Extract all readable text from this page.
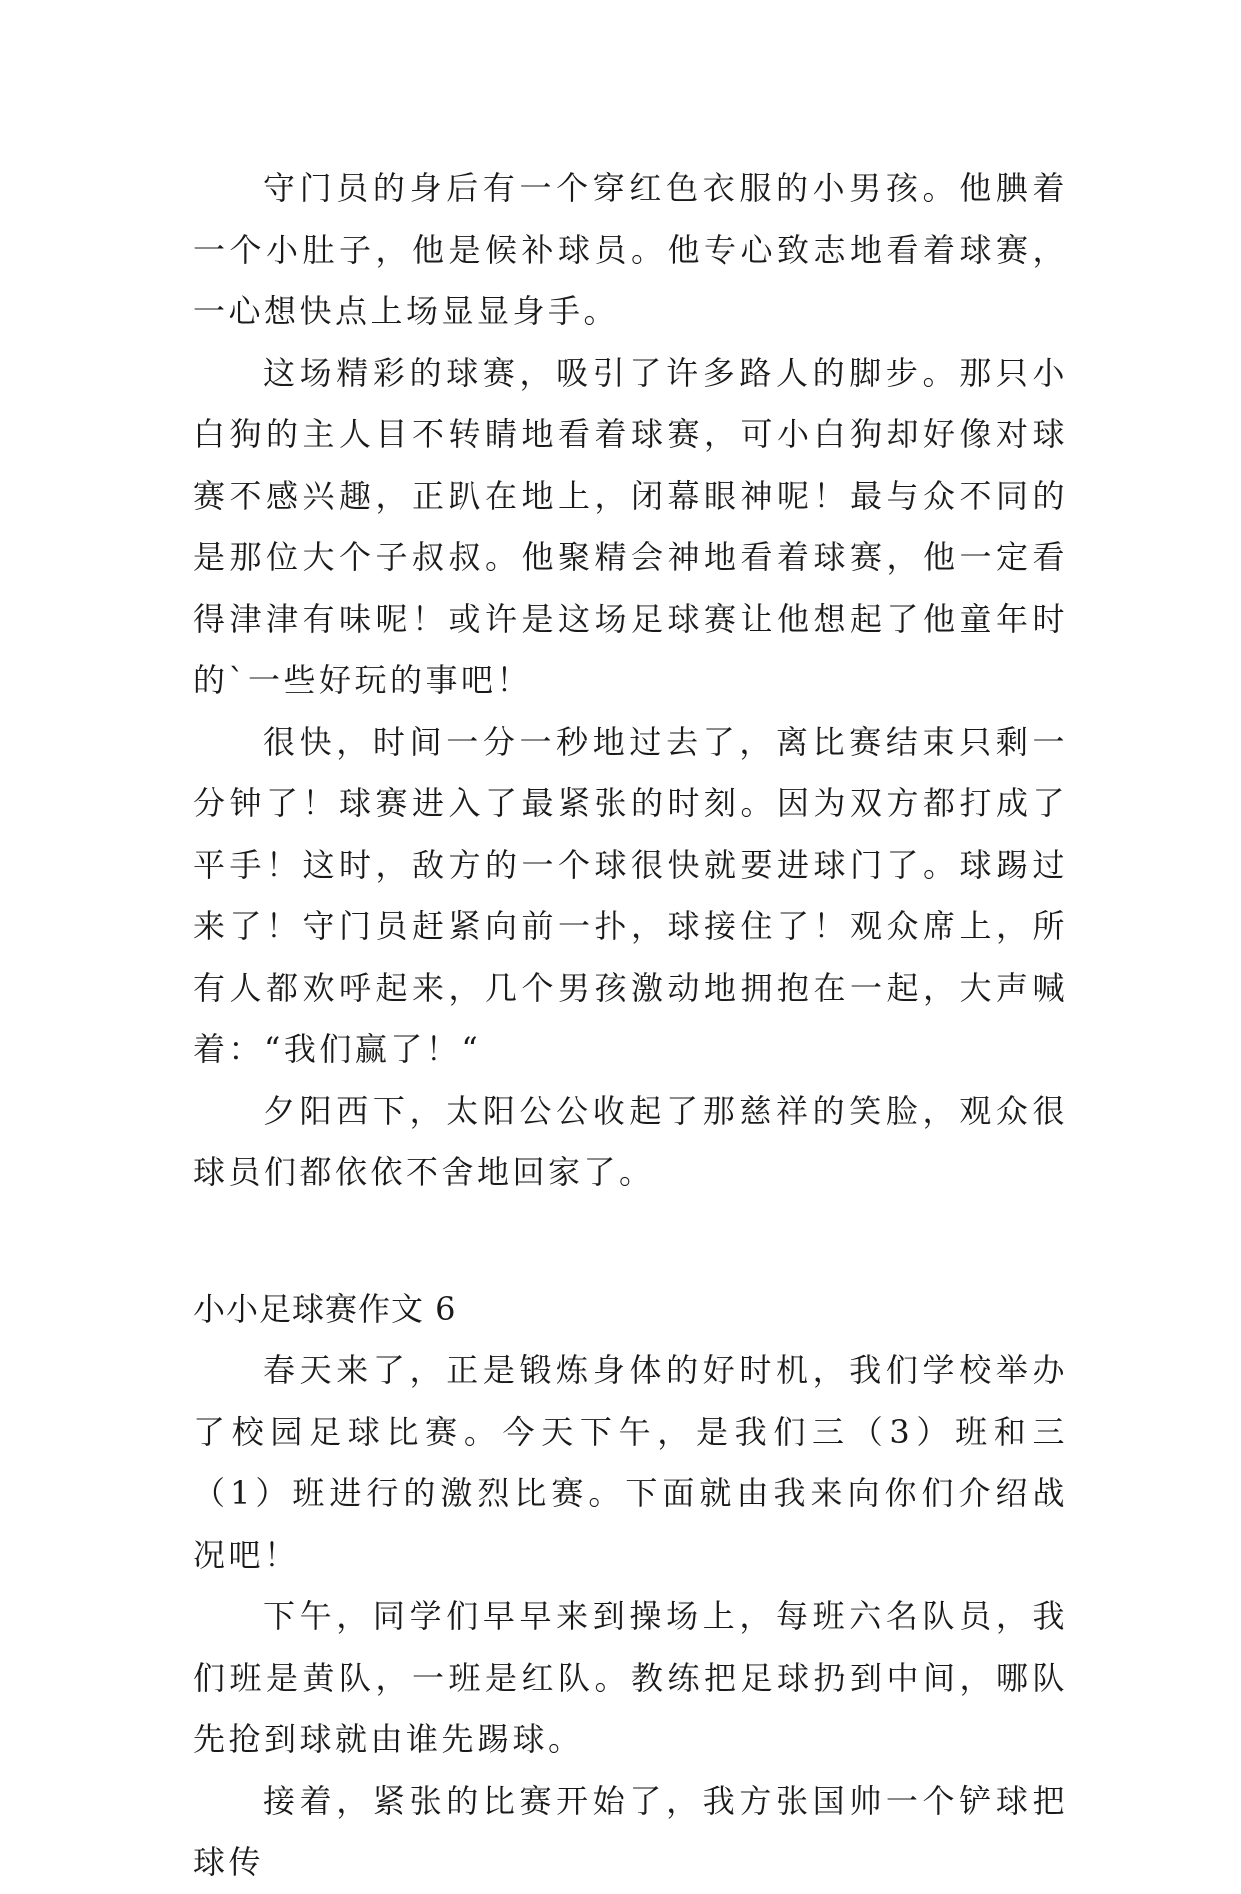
守门员的身后有一个穿红色衣服的小男孩。他腆着一个小肚子，他是候补球员。他专心致志地看着球赛，一心想快点上场显显身手。

这场精彩的球赛，吸引了许多路人的脚步。那只小白狗的主人目不转睛地看着球赛，可小白狗却好像对球赛不感兴趣，正趴在地上，闭幕眼神呢！最与众不同的是那位大个子叔叔。他聚精会神地看着球赛，他一定看得津津有味呢！或许是这场足球赛让他想起了他童年时的`一些好玩的事吧！

很快，时间一分一秒地过去了，离比赛结束只剩一分钟了！球赛进入了最紧张的时刻。因为双方都打成了平手！这时，敌方的一个球很快就要进球门了。球踢过来了！守门员赶紧向前一扑，球接住了！观众席上，所有人都欢呼起来，几个男孩激动地拥抱在一起，大声喊着：“我们赢了！“

夕阳西下，太阳公公收起了那慈祥的笑脸，观众很球员们都依依不舍地回家了。

小小足球赛作文 6

春天来了，正是锻炼身体的好时机，我们学校举办了校园足球比赛。今天下午，是我们三（3）班和三（1）班进行的激烈比赛。下面就由我来向你们介绍战况吧！

下午，同学们早早来到操场上，每班六名队员，我们班是黄队，一班是红队。教练把足球扔到中间，哪队先抢到球就由谁先踢球。

接着，紧张的比赛开始了，我方张国帅一个铲球把球传
